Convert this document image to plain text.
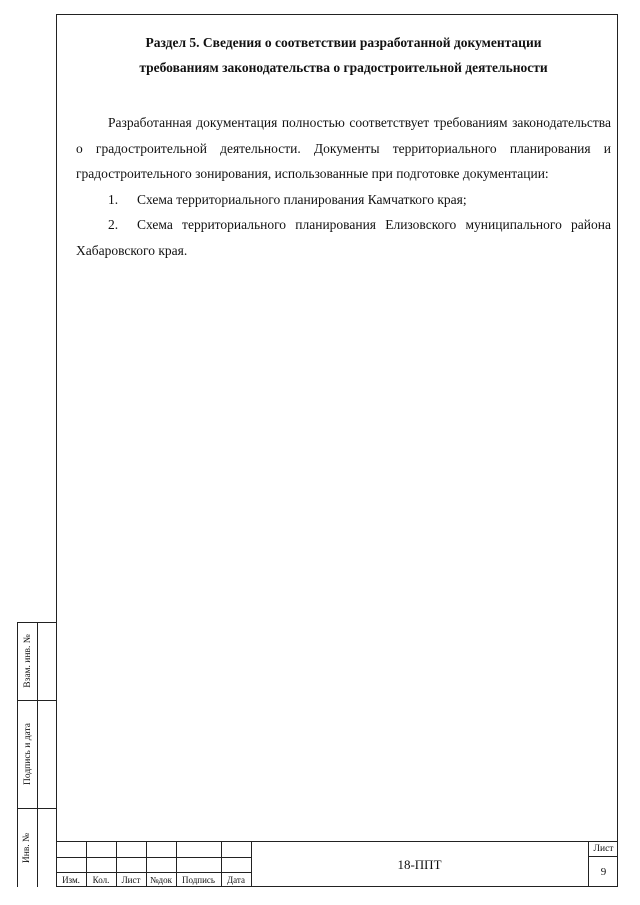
Раздел 5. Сведения о соответствии разработанной документации

требованиям законодательства о градостроительной деятельности

Разработанная документация полностью соответствует требованиям законодательства о градостроительной деятельности. Документы территориального планирования и градостроительного зонирования, использованные при подготовке документации:

1. Схема территориального планирования Камчаткого края;

2. Схема территориального планирования Елизовского муниципального района Хабаровского края.

Взам. инв. №
Подпись и дата
Инв. №
Изм.	Кол.	Лист	№док	Подпись	Дата
18-ППТ
Лист
9
